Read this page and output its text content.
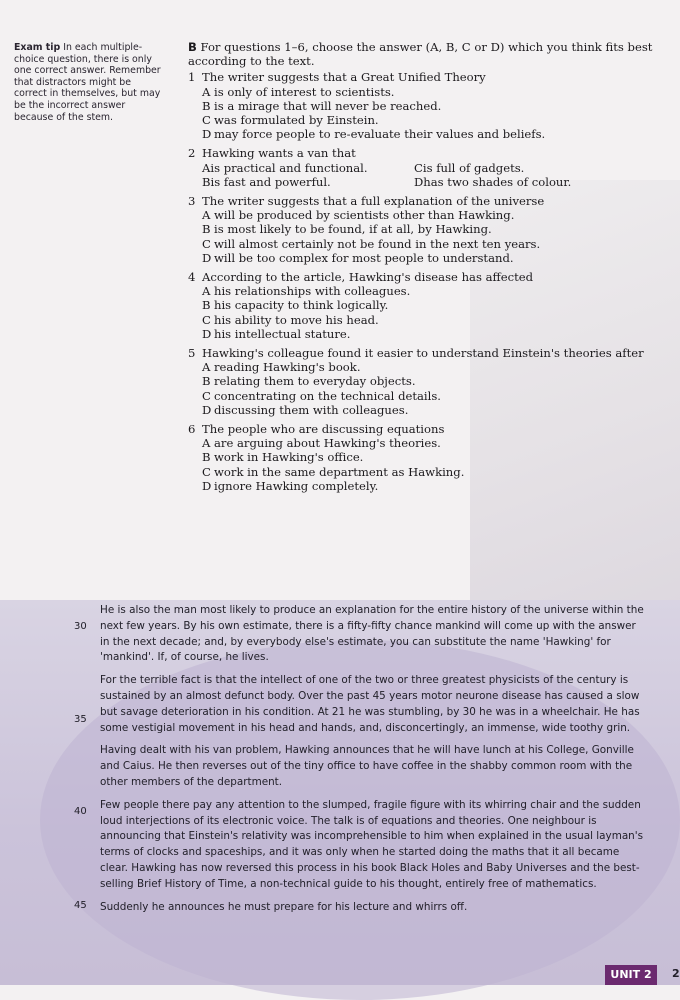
Exam tip In each multiple-choice question, there is only one correct answer. Remember that distractors might be correct in themselves, but may be the incorrect answer because of the stem.

B For questions 1–6, choose the answer (A, B, C or D) which you think fits best according to the text.

1 The writer suggests that a Great Unified Theory
A is only of interest to scientists.
B is a mirage that will never be reached.
C was formulated by Einstein.
D may force people to re-evaluate their values and beliefs.
2 Hawking wants a van that
Ais practical and functional.	Cis full of gadgets.
Bis fast and powerful.	Dhas two shades of colour.
3 The writer suggests that a full explanation of the universe
A will be produced by scientists other than Hawking.
B is most likely to be found, if at all, by Hawking.
C will almost certainly not be found in the next ten years.
D will be too complex for most people to understand.
4 According to the article, Hawking's disease has affected
A his relationships with colleagues.
B his capacity to think logically.
C his ability to move his head.
D his intellectual stature.
5 Hawking's colleague found it easier to understand Einstein's theories after
A reading Hawking's book.
B relating them to everyday objects.
C concentrating on the technical details.
D discussing them with colleagues.
6 The people who are discussing equations
A are arguing about Hawking's theories.
B work in Hawking's office.
C work in the same department as Hawking.
D ignore Hawking completely.
30
35
40
45

He is also the man most likely to produce an explanation for the entire history of the universe within the next few years. By his own estimate, there is a fifty-fifty chance mankind will come up with the answer in the next decade; and, by everybody else's estimate, you can substitute the name 'Hawking' for 'mankind'. If, of course, he lives.

For the terrible fact is that the intellect of one of the two or three greatest physicists of the century is sustained by an almost defunct body. Over the past 45 years motor neurone disease has caused a slow but savage deterioration in his condition. At 21 he was stumbling, by 30 he was in a wheelchair. He has some vestigial movement in his head and hands, and, disconcertingly, an immense, wide toothy grin.

Having dealt with his van problem, Hawking announces that he will have lunch at his College, Gonville and Caius. He then reverses out of the tiny office to have coffee in the shabby common room with the other members of the department.

Few people there pay any attention to the slumped, fragile figure with its whirring chair and the sudden loud interjections of its electronic voice. The talk is of equations and theories. One neighbour is announcing that Einstein's relativity was incomprehensible to him when explained in the usual layman's terms of clocks and spaceships, and it was only when he started doing the maths that it all became clear. Hawking has now reversed this process in his book Black Holes and Baby Universes and the best-selling Brief History of Time, a non-technical guide to his thought, entirely free of mathematics.

Suddenly he announces he must prepare for his lecture and whirrs off.

UNIT 2	2
